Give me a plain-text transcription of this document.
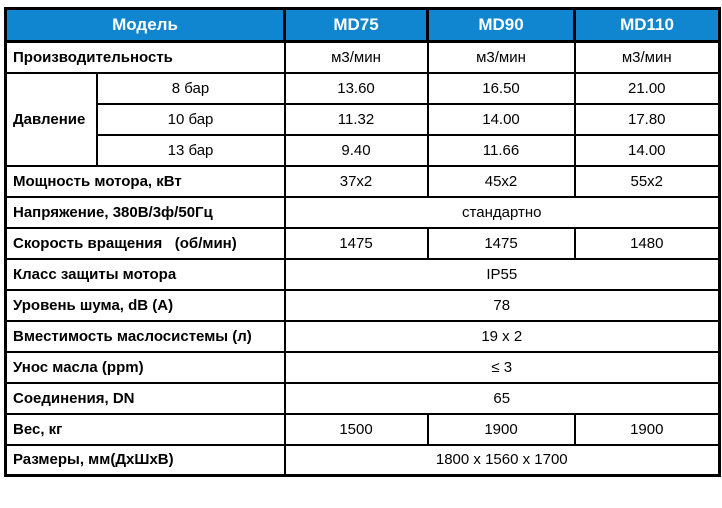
Модель		MD75	MD90	MD110
Производительность		м3/мин	м3/мин	м3/мин
Давление	8 бар	13.60	16.50	21.00
	10 бар	11.32	14.00	17.80
	13 бар	9.40	11.66	14.00
Мощность мотора, кВт		37x2	45x2	55x2
Напряжение, 380В/3ф/50Гц		стандартно		
Скорость вращения   (об/мин)		1475	1475	1480
Класс защиты мотора		IP55		
Уровень шума, dB (A)		78		
Вместимость маслосистемы (л)		19 x 2		
Унос масла (ppm)		≤ 3		
Соединения, DN		65		
Вес, кг		1500	1900	1900
Размеры, мм(ДхШхВ)		1800 x 1560 x 1700		
